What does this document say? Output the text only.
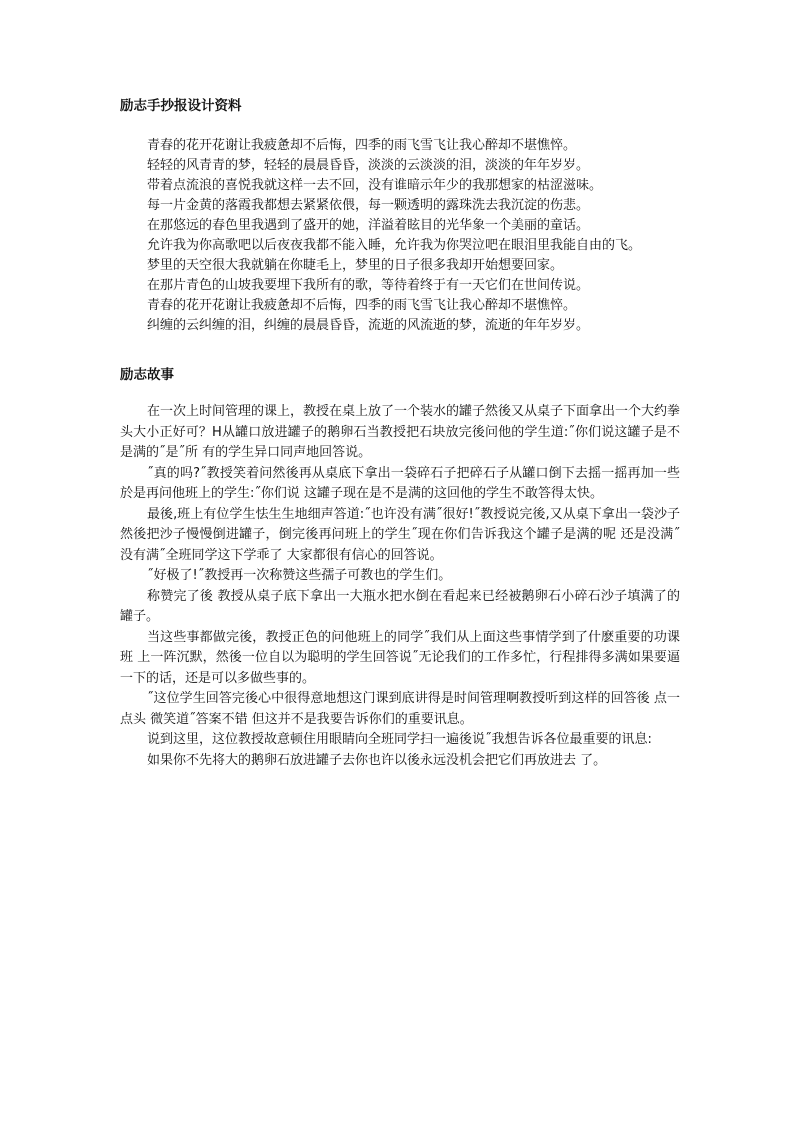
励志手抄报设计资料
青春的花开花谢让我疲惫却不后悔，四季的雨飞雪飞让我心醉却不堪憔悴。
轻轻的风青青的梦，轻轻的晨晨昏昏，淡淡的云淡淡的泪，淡淡的年年岁岁。
带着点流浪的喜悦我就这样一去不回，没有谁暗示年少的我那想家的枯涩滋味。
每一片金黄的落霞我都想去紧紧依偎，每一颗透明的露珠洗去我沉淀的伤悲。
在那悠远的春色里我遇到了盛开的她，洋溢着眩目的光华象一个美丽的童话。
允许我为你高歌吧以后夜夜我都不能入睡，允许我为你哭泣吧在眼泪里我能自由的飞。
梦里的天空很大我就躺在你睫毛上，梦里的日子很多我却开始想要回家。
在那片青色的山坡我要埋下我所有的歌，等待着终于有一天它们在世间传说。
青春的花开花谢让我疲惫却不后悔，四季的雨飞雪飞让我心醉却不堪憔悴。
纠缠的云纠缠的泪，纠缠的晨晨昏昏，流逝的风流逝的梦，流逝的年年岁岁。
励志故事

在一次上时间管理的课上，教授在桌上放了一个装水的罐子然後又从桌子下面拿出一个大约拳头大小正好可？H从罐口放进罐子的鹅卵石当教授把石块放完後问他的学生道:˝你们说这罐子是不是满的˝是˝所 有的学生异口同声地回答说。

˝真的吗?˝教授笑着问然後再从桌底下拿出一袋碎石子把碎石子从罐口倒下去摇一摇再加一些於是再问他班上的学生:˝你们说 这罐子现在是不是满的这回他的学生不敢答得太快。

最後,班上有位学生怯生生地细声答道:˝也许没有满˝很好!˝教授说完後,又从桌下拿出一袋沙子然後把沙子慢慢倒进罐子，倒完後再问班上的学生˝现在你们告诉我这个罐子是满的呢 还是没满˝没有满˝全班同学这下学乖了 大家都很有信心的回答说。

˝好极了!˝教授再一次称赞这些孺子可教也的学生们。

称赞完了後 教授从桌子底下拿出一大瓶水把水倒在看起来已经被鹅卵石小碎石沙子填满了的罐子。

当这些事都做完後，教授正色的问他班上的同学˝我们从上面这些事情学到了什麽重要的功课班 上一阵沉默，然後一位自以为聪明的学生回答说˝无论我们的工作多忙，行程排得多满如果要逼一下的话，还是可以多做些事的。

˝这位学生回答完後心中很得意地想这门课到底讲得是时间管理啊教授听到这样的回答後 点一点头 微笑道˝答案不错 但这并不是我要告诉你们的重要讯息。

说到这里，这位教授故意顿住用眼睛向全班同学扫一遍後说˝我想告诉各位最重要的讯息:

如果你不先将大的鹅卵石放进罐子去你也许以後永远没机会把它们再放进去 了。
